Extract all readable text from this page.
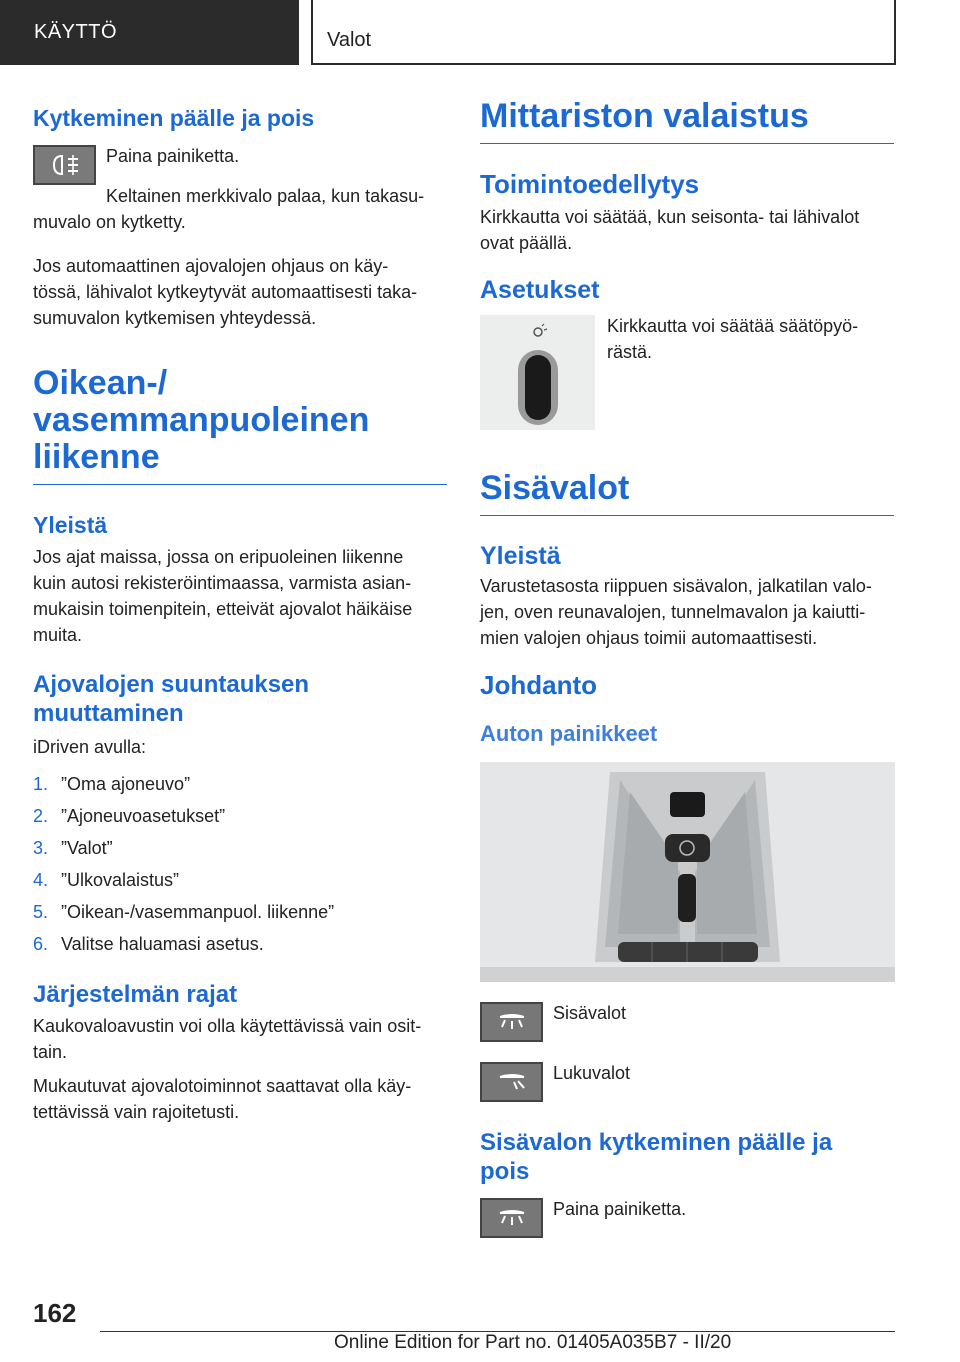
KÄYTTÖ	Valot
Kytkeminen päälle ja pois

Paina painiketta.

Keltainen merkkivalo palaa, kun takasu-
muvalo on kytketty.

Jos automaattinen ajovalojen ohjaus on käy-
tössä, lähivalot kytkeytyvät automaattisesti taka-
sumuvalon kytkemisen yhteydessä.

Oikean-/
vasemmanpuoleinen
liikenne
Yleistä

Jos ajat maissa, jossa on eripuoleinen liikenne
kuin autosi rekisteröintimaassa, varmista asian-
mukaisin toimenpitein, etteivät ajovalot häikäise
muita.

Ajovalojen suuntauksen
muuttaminen

iDriven avulla:

1. ”Oma ajoneuvo”
2. ”Ajoneuvoasetukset”
3. ”Valot”
4. ”Ulkovalaistus”
5. ”Oikean-/vasemmanpuol. liikenne”
6. Valitse haluamasi asetus.
Järjestelmän rajat

Kaukovaloavustin voi olla käytettävissä vain osit-
tain.

Mukautuvat ajovalotoiminnot saattavat olla käy-
tettävissä vain rajoitetusti.

Mittariston valaistus
Toimintoedellytys

Kirkkautta voi säätää, kun seisonta- tai lähivalot
ovat päällä.

Asetukset

Kirkkautta voi säätää säätöpyö-
rästä.

Sisävalot
Yleistä

Varustetasosta riippuen sisävalon, jalkatilan valo-
jen, oven reunavalojen, tunnelmavalon ja kaiutti-
mien valojen ohjaus toimii automaattisesti.

Johdanto
Auton painikkeet

Sisävalot

Lukuvalot

Sisävalon kytkeminen päälle ja
pois

Paina painiketta.

162
Online Edition for Part no. 01405A035B7 - II/20
